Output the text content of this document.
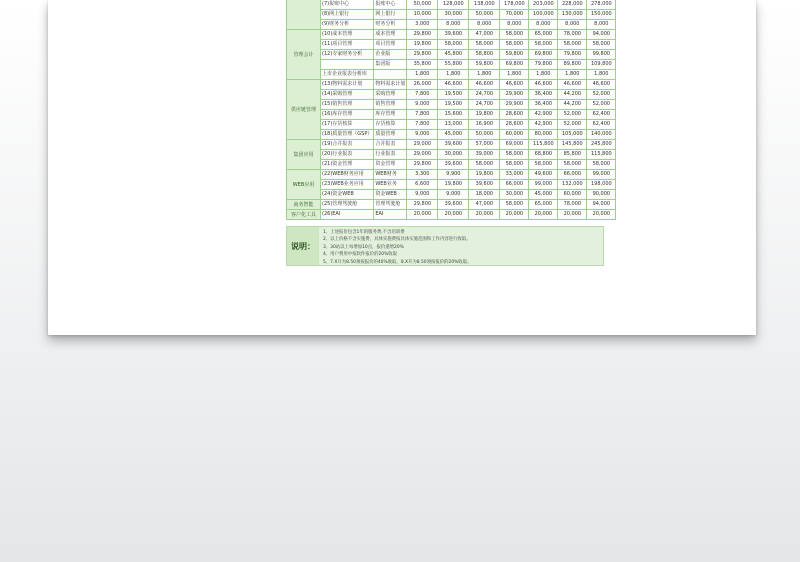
	(7)报账中心	报账中心	50,000	128,000	138,000	178,000	203,000	228,000	278,000
	(8)网上银行	网上银行	10,000	30,000	50,000	70,000	100,000	130,000	150,000
	(9)财务分析	财务分析	3,000	8,000	8,000	8,000	8,000	8,000	8,000
管理会计	(10)成本管理	成本管理	29,800	39,600	47,000	58,000	65,000	78,000	94,000
	(11)项目管理	项目管理	19,800	58,000	58,000	58,000	58,000	58,000	58,000
	(12)专家财务分析	企业版	29,800	45,800	58,800	59,800	69,800	79,800	99,800
		集团版	35,800	55,800	59,800	69,800	79,800	89,800	109,800
	上市企业报表分析库		1,800	1,800	1,800	1,800	1,800	1,800	1,800
供应链管理	(13)物料需求计划	物料需求计划	26,000	46,600	46,600	46,600	46,600	46,600	46,600
	(14)采购管理	采购管理	7,800	19,500	24,700	29,900	36,400	44,200	52,000
	(15)销售管理	销售管理	9,000	19,500	24,700	29,900	36,400	44,200	52,000
	(16)库存管理	库存管理	7,800	15,600	19,800	28,600	42,900	52,000	62,400
	(17)存货核算	存货核算	7,800	13,000	16,900	28,600	42,900	52,000	62,400
	(18)质量管理（GSP）	质量管理	9,000	45,000	50,000	60,000	80,000	105,000	140,000
集团应用	(19)合并报表	合并报表	29,000	39,600	57,000	69,000	115,800	145,800	245,800
	(20)行业报表	行业报表	29,000	30,000	39,000	58,000	68,800	85,800	115,800
	(21)资金管理	资金管理	29,800	39,600	58,000	58,000	58,000	58,000	58,000
WEB应用	(22)WEB财务应用	WEB财务	3,300	9,900	19,800	33,000	49,600	66,000	99,000
	(23)WEB业务应用	WEB业务	6,600	19,800	39,600	66,000	99,000	132,000	198,000
	(24)资金WEB	资金WEB	9,000	9,000	18,000	30,000	45,000	60,000	90,000
商务智能	(25)管理驾驶舱	管理驾驶舱	29,800	39,600	47,000	58,000	65,000	78,000	94,000
客户化工具	(26)EAI	EAI	20,000	20,000	20,000	20,000	20,000	20,000	20,000
说明：
1、上述报价包含1年的服务费,不含培训费
2、以上价格不含实施费，具体实施费按具体实施范围和工作内容进行收取。
3、30站以上每增加10点，报价递增20%
4、用户费用中按软件报价的20%收取
5、7.X升为8.50须按报价的40%收取，8.X升为8.50须按报价的20%收取。
